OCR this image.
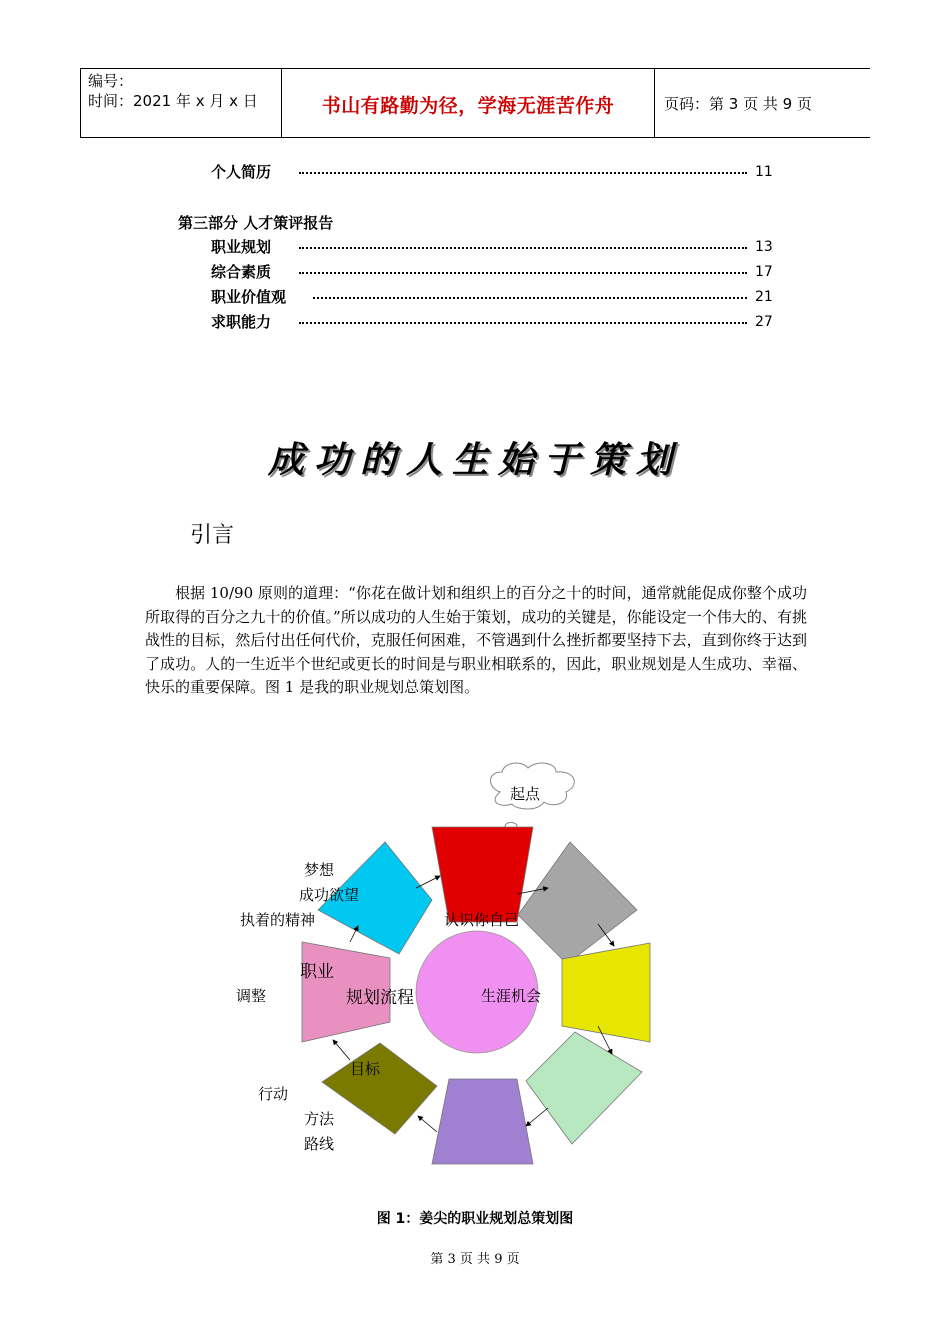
编号：
时间：2021 年 x 月 x 日	书山有路勤为径，学海无涯苦作舟	页码：第 3 页 共 9 页
个人简历	11
第三部分 人才策评报告
职业规划	13
综合素质	17
职业价值观	21
求职能力	27
成功的人生始于策划
引言
根据 10/90 原则的道理：“你花在做计划和组织上的百分之十的时间，通常就能促成你整个成功所取得的百分之九十的价值。”所以成功的人生始于策划，成功的关键是，你能设定一个伟大的、有挑战性的目标，然后付出任何代价，克服任何困难，不管遇到什么挫折都要坚持下去，直到你终于达到了成功。人的一生近半个世纪或更长的时间是与职业相联系的，因此，职业规划是人生成功、幸福、快乐的重要保障。图 1 是我的职业规划总策划图。
起点
梦想
成功欲望
执着的精神	认识你自己
职业
规划流程
调整	生涯机会
目标
行动
方法
路线
图 1：姜尖的职业规划总策划图
第 3 页 共 9 页
